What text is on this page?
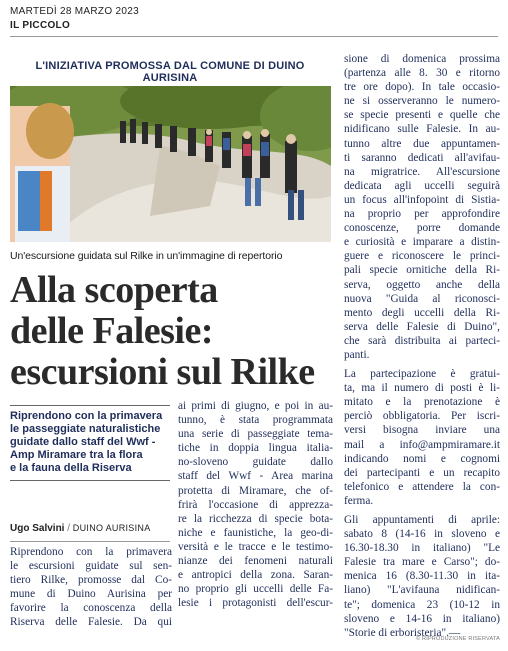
MARTEDÌ 28 MARZO 2023
IL PICCOLO
L'INIZIATIVA PROMOSSA DAL COMUNE DI DUINO AURISINA
Un'escursione guidata sul Rilke in un'immagine di repertorio
Alla scoperta
delle Falesie:
escursioni sul Rilke
Riprendono con la primavera
le passeggiate naturalistiche
guidate dallo staff del Wwf -
Amp Miramare tra la flora
e la fauna della Riserva
Ugo Salvini / DUINO AURISINA
Riprendono con la primavera
le escursioni guidate sul sen-
tiero Rilke, promosse dal Co-
mune di Duino Aurisina per
favorire la conoscenza della
Riserva delle Falesie. Da qui
ai primi di giugno, e poi in au-
tunno, è stata programmata
una serie di passeggiate tema-
tiche in doppia lingua italia-
no-sloveno guidate dallo
staff del Wwf - Area marina
protetta di Miramare, che of-
frirà l'occasione di apprezza-
re la ricchezza di specie bota-
niche e faunistiche, la geo-di-
versità e le tracce e le testimo-
nianze dei fenomeni naturali
e antropici della zona. Saran-
no proprio gli uccelli delle Fa-
lesie i protagonisti dell'escur-
sione di domenica prossima
(partenza alle 8. 30 e ritorno
tre ore dopo). In tale occasio-
ne si osserveranno le numero-
se specie presenti e quelle che
nidificano sulle Falesie. In au-
tunno altre due appuntamen-
ti saranno dedicati all'avifau-
na migratrice. All'escursione
dedicata agli uccelli seguirà
un focus all'infopoint di Sistia-
na proprio per approfondire
conoscenze, porre domande
e curiosità e imparare a distin-
guere e riconoscere le princi-
pali specie ornitiche della Ri-
serva, oggetto anche della
nuova "Guida al riconosci-
mento degli uccelli della Ri-
serva delle Falesie di Duino",
che sarà distribuita ai parteci-
panti.
La partecipazione è gratui-
ta, ma il numero di posti è li-
mitato e la prenotazione è
perciò obbligatoria. Per iscri-
versi bisogna inviare una
mail a info@ampmiramare.it
indicando nomi e cognomi
dei partecipanti e un recapito
telefonico e attendere la con-
ferma.
Gli appuntamenti di aprile:
sabato 8 (14-16 in sloveno e
16.30-18.30 in italiano) "Le
Falesie tra mare e Carso"; do-
menica 16 (8.30-11.30 in ita-
liano) "L'avifauna nidifican-
te"; domenica 23 (10-12 in
sloveno e 14-16 in italiano)
"Storie di erboristeria".—
© RIPRODUZIONE RISERVATA
